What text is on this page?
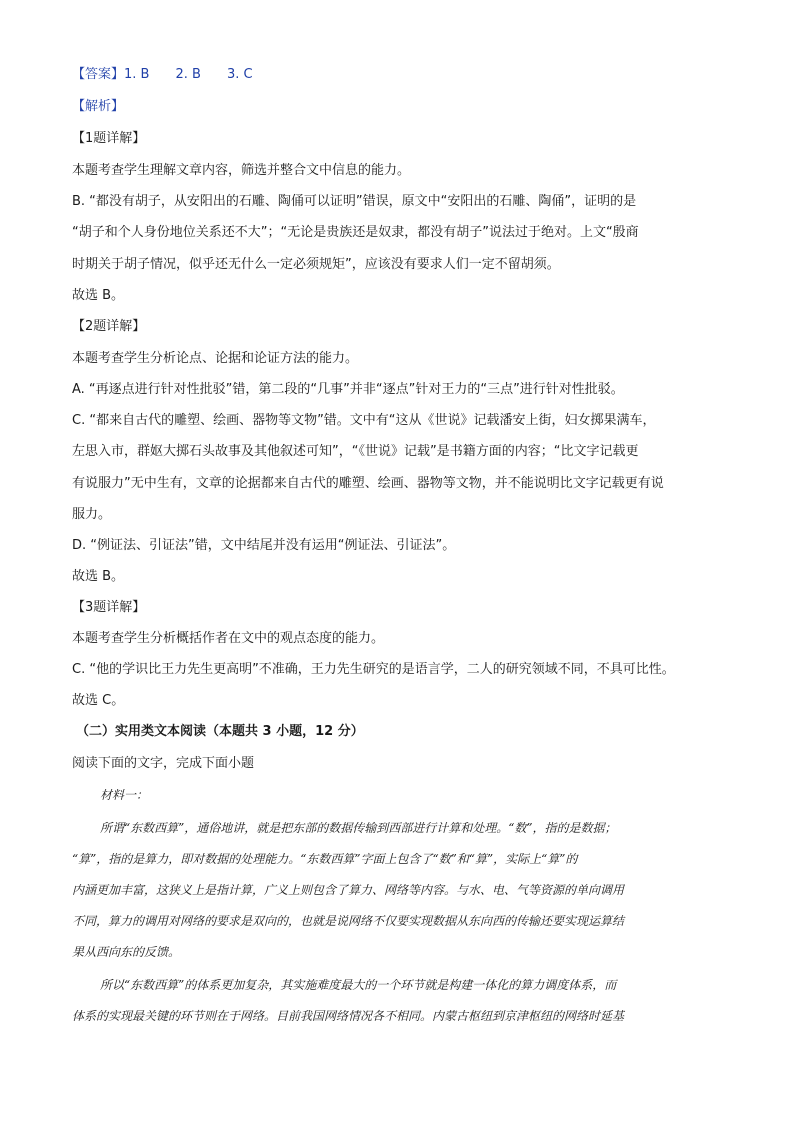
【答案】1. B 2. B 3. C
【解析】
【1题详解】
本题考查学生理解文章内容，筛选并整合文中信息的能力。
B. “都没有胡子，从安阳出的石雕、陶俑可以证明”错误，原文中“安阳出的石雕、陶俑”，证明的是
“胡子和个人身份地位关系还不大”；“无论是贵族还是奴隶，都没有胡子”说法过于绝对。上文“殷商
时期关于胡子情况，似乎还无什么一定必须规矩”，应该没有要求人们一定不留胡须。
故选 B。
【2题详解】
本题考查学生分析论点、论据和论证方法的能力。
A. “再逐点进行针对性批驳”错，第二段的“几事”并非“逐点”针对王力的“三点”进行针对性批驳。
C. “都来自古代的雕塑、绘画、器物等文物”错。文中有“这从《世说》记载潘安上街，妇女掷果满车，
左思入市，群妪大掷石头故事及其他叙述可知”，“《世说》记载”是书籍方面的内容；“比文字记载更
有说服力”无中生有，文章的论据都来自古代的雕塑、绘画、器物等文物，并不能说明比文字记载更有说
服力。
D. “例证法、引证法”错，文中结尾并没有运用“例证法、引证法”。
故选 B。
【3题详解】
本题考查学生分析概括作者在文中的观点态度的能力。
C. “他的学识比王力先生更高明”不准确，王力先生研究的是语言学，二人的研究领域不同，不具可比性。
故选 C。
（二）实用类文本阅读（本题共 3 小题，12 分）
阅读下面的文字，完成下面小题
材料一：
所谓“东数西算”，通俗地讲，就是把东部的数据传输到西部进行计算和处理。“数”，指的是数据；
“算”，指的是算力，即对数据的处理能力。“东数西算”字面上包含了“数”和“算”，实际上“算”的
内涵更加丰富，这狭义上是指计算，广义上则包含了算力、网络等内容。与水、电、气等资源的单向调用
不同，算力的调用对网络的要求是双向的，也就是说网络不仅要实现数据从东向西的传输还要实现运算结
果从西向东的反馈。
所以“东数西算”的体系更加复杂，其实施难度最大的一个环节就是构建一体化的算力调度体系，而
体系的实现最关键的环节则在于网络。目前我国网络情况各不相同。内蒙古枢纽到京津枢纽的网络时延基
